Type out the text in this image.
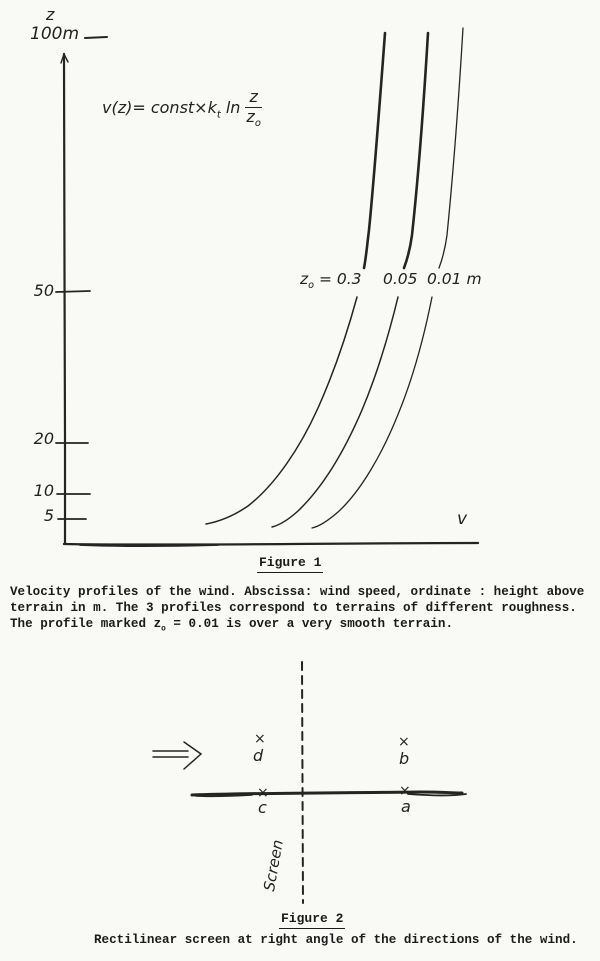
z
100m
50
20
10
5
$v(z)= const\times k_t$ $\ln \frac{z}{z_o}$
$z_o = 0.3$ 0.05 0.01 m
v
Figure 1
Velocity profiles of the wind. Abscissa: wind speed, ordinate : height above
terrain in m. The 3 profiles correspond to terrains of different roughness.
The profile marked $z_o = 0.01$ is over a very smooth terrain.
×
d
×
b
×
c
×
a
Screen
Figure 2
Rectilinear screen at right angle of the directions of the wind.
